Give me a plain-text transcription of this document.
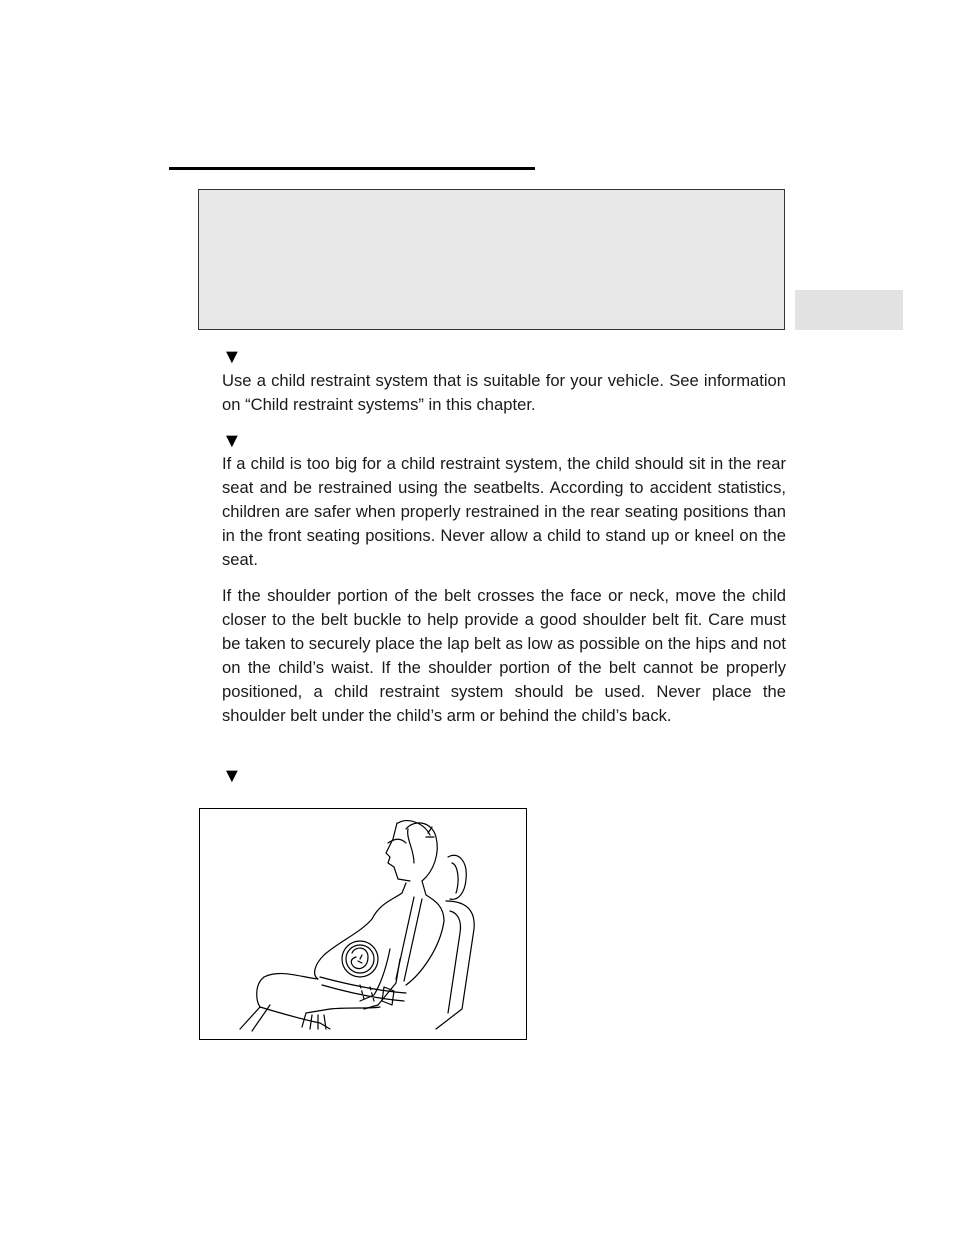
▼

Use a child restraint system that is suitable for your vehicle. See information on “Child restraint systems” in this chapter.

▼

If a child is too big for a child restraint system, the child should sit in the rear seat and be restrained using the seatbelts. According to accident statistics, children are safer when properly restrained in the rear seating positions than in the front seating positions. Never allow a child to stand up or kneel on the seat.

If the shoulder portion of the belt crosses the face or neck, move the child closer to the belt buckle to help provide a good shoulder belt fit. Care must be taken to securely place the lap belt as low as possible on the hips and not on the child’s waist. If the shoulder portion of the belt cannot be properly positioned, a child restraint system should be used. Never place the shoulder belt under the child’s arm or behind the child’s back.

▼
